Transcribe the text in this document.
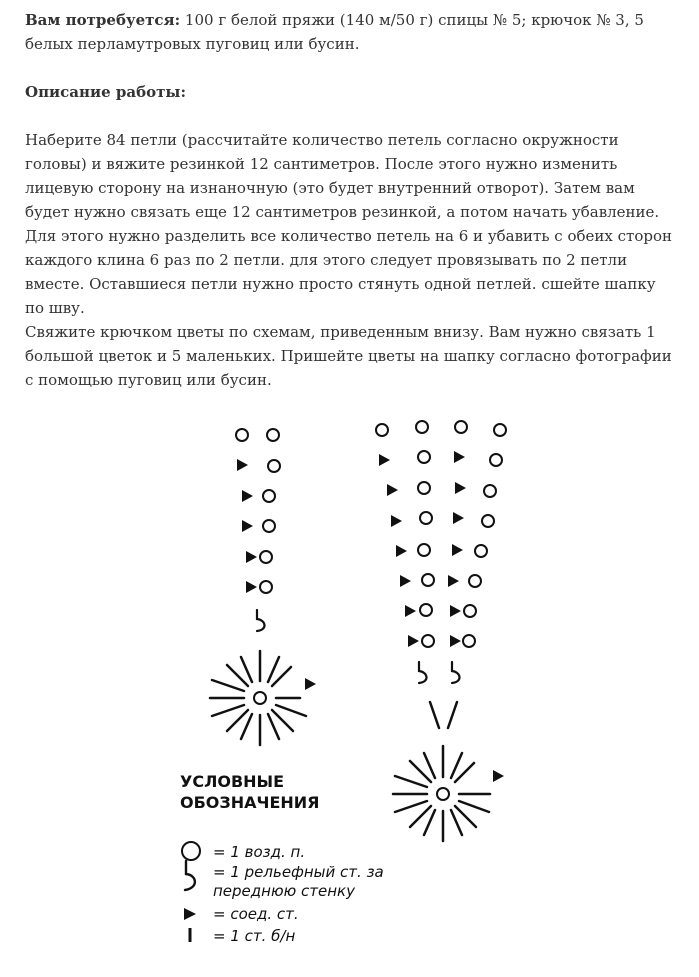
Вам потребуется: 100 г белой пряжи (140 м/50 г) спицы № 5; крючок № 3, 5 белых перламутровых пуговиц или бусин.

Описание работы:

Наберите 84 петли (рассчитайте количество петель согласно окружности головы) и вяжите резинкой 12 сантиметров. После этого нужно изменить лицевую сторону на изнаночную (это будет внутренний отворот). Затем вам будет нужно связать еще 12 сантиметров резинкой, а потом начать убавление. Для этого нужно разделить все количество петель на 6 и убавить с обеих сторон каждого клина 6 раз по 2 петли. для этого следует провязывать по 2 петли вместе. Оставшиеся петли нужно просто стянуть одной петлей. сшейте шапку по шву.

Свяжите крючком цветы по схемам, приведенным внизу. Вам нужно связать 1 большой цветок и 5 маленьких. Пришейте цветы на шапку согласно фотографии с помощью пуговиц или бусин.

УСЛОВНЫЕ
ОБОЗНАЧЕНИЯ
= 1 возд. п.
= 1 рельефный ст. за
переднюю стенку
= соед. ст.
= 1 ст. б/н
